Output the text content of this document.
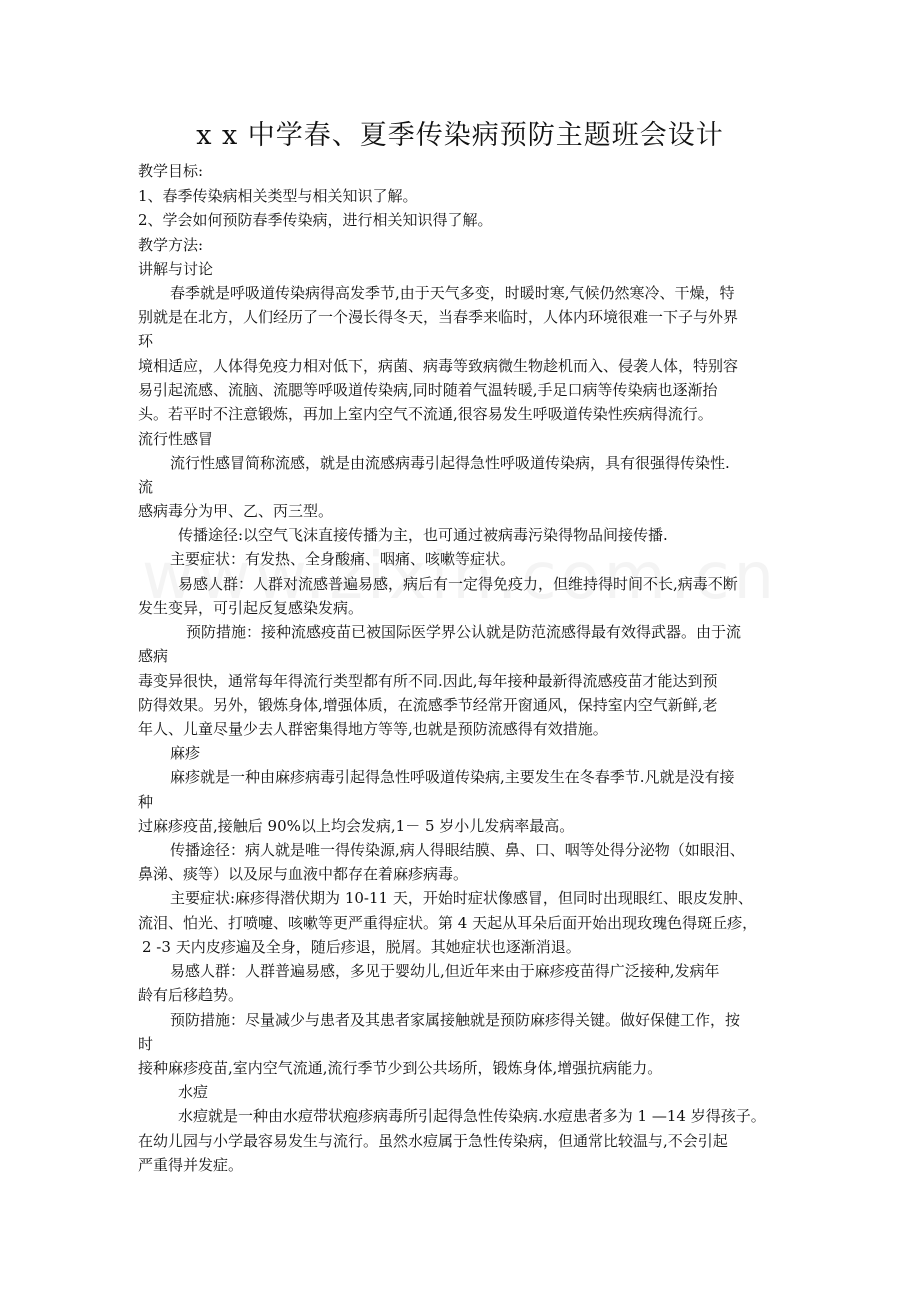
x x 中学春、夏季传染病预防主题班会设计
教学目标:
1、春季传染病相关类型与相关知识了解。
2、学会如何预防春季传染病，进行相关知识得了解。
教学方法:
讲解与讨论
春季就是呼吸道传染病得高发季节,由于天气多变，时暖时寒,气候仍然寒冷、干燥，特
别就是在北方，人们经历了一个漫长得冬天，当春季来临时，人体内环境很难一下子与外界
环
境相适应，人体得免疫力相对低下，病菌、病毒等致病微生物趁机而入、侵袭人体，特别容
易引起流感、流脑、流腮等呼吸道传染病,同时随着气温转暖,手足口病等传染病也逐渐抬
头。若平时不注意锻炼，再加上室内空气不流通,很容易发生呼吸道传染性疾病得流行。
流行性感冒
流行性感冒简称流感，就是由流感病毒引起得急性呼吸道传染病，具有很强得传染性.
流
感病毒分为甲、乙、丙三型。
传播途径:以空气飞沫直接传播为主，也可通过被病毒污染得物品间接传播.
主要症状：有发热、全身酸痛、咽痛、咳嗽等症状。
易感人群：人群对流感普遍易感，病后有一定得免疫力，但维持得时间不长,病毒不断
发生变异，可引起反复感染发病。
预防措施：接种流感疫苗已被国际医学界公认就是防范流感得最有效得武器。由于流
感病
毒变异很快，通常每年得流行类型都有所不同.因此,每年接种最新得流感疫苗才能达到预
防得效果。另外，锻炼身体,增强体质，在流感季节经常开窗通风，保持室内空气新鲜,老
年人、儿童尽量少去人群密集得地方等等,也就是预防流感得有效措施。
麻疹
麻疹就是一种由麻疹病毒引起得急性呼吸道传染病,主要发生在冬春季节.凡就是没有接
种
过麻疹疫苗,接触后 90%以上均会发病,1－ 5 岁小儿发病率最高。
传播途径：病人就是唯一得传染源,病人得眼结膜、鼻、口、咽等处得分泌物（如眼泪、
鼻涕、痰等）以及尿与血液中都存在着麻疹病毒。
主要症状:麻疹得潜伏期为 10-11 天，开始时症状像感冒，但同时出现眼红、眼皮发肿、
流泪、怕光、打喷嚏、咳嗽等更严重得症状。第 4 天起从耳朵后面开始出现玫瑰色得斑丘疹，
2 -3 天内皮疹遍及全身，随后疹退，脱屑。其她症状也逐渐消退。
易感人群：人群普遍易感，多见于婴幼儿,但近年来由于麻疹疫苗得广泛接种,发病年
龄有后移趋势。
预防措施：尽量减少与患者及其患者家属接触就是预防麻疹得关键。做好保健工作，按
时
接种麻疹疫苗,室内空气流通,流行季节少到公共场所，锻炼身体,增强抗病能力。
水痘
水痘就是一种由水痘带状疱疹病毒所引起得急性传染病.水痘患者多为 1 —14 岁得孩子。
在幼儿园与小学最容易发生与流行。虽然水痘属于急性传染病，但通常比较温与,不会引起
严重得并发症。
